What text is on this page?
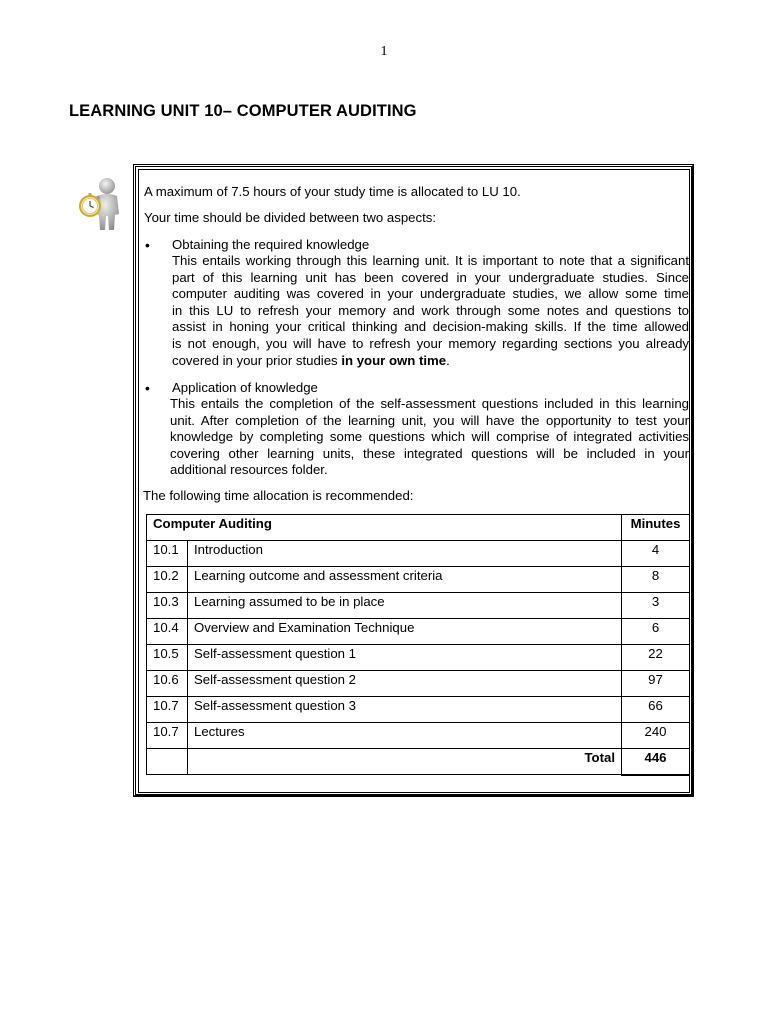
1
LEARNING UNIT 10– COMPUTER AUDITING
A maximum of 7.5 hours of your study time is allocated to LU 10.
Your time should be divided between two aspects:
• Obtaining the required knowledge
This entails working through this learning unit. It is important to note that a significant
part of this learning unit has been covered in your undergraduate studies. Since
computer auditing was covered in your undergraduate studies, we allow some time
in this LU to refresh your memory and work through some notes and questions to
assist in honing your critical thinking and decision-making skills. If the time allowed
is not enough, you will have to refresh your memory regarding sections you already
covered in your prior studies in your own time.
• Application of knowledge
This entails the completion of the self-assessment questions included in this learning
unit. After completion of the learning unit, you will have the opportunity to test your
knowledge by completing some questions which will comprise of integrated activities
covering other learning units, these integrated questions will be included in your
additional resources folder.
The following time allocation is recommended:
Computer Auditing		Minutes
10.1	Introduction	4
10.2	Learning outcome and assessment criteria	8
10.3	Learning assumed to be in place	3
10.4	Overview and Examination Technique	6
10.5	Self-assessment question 1	22
10.6	Self-assessment question 2	97
10.7	Self-assessment question 3	66
10.7	Lectures	240
	Total	446
